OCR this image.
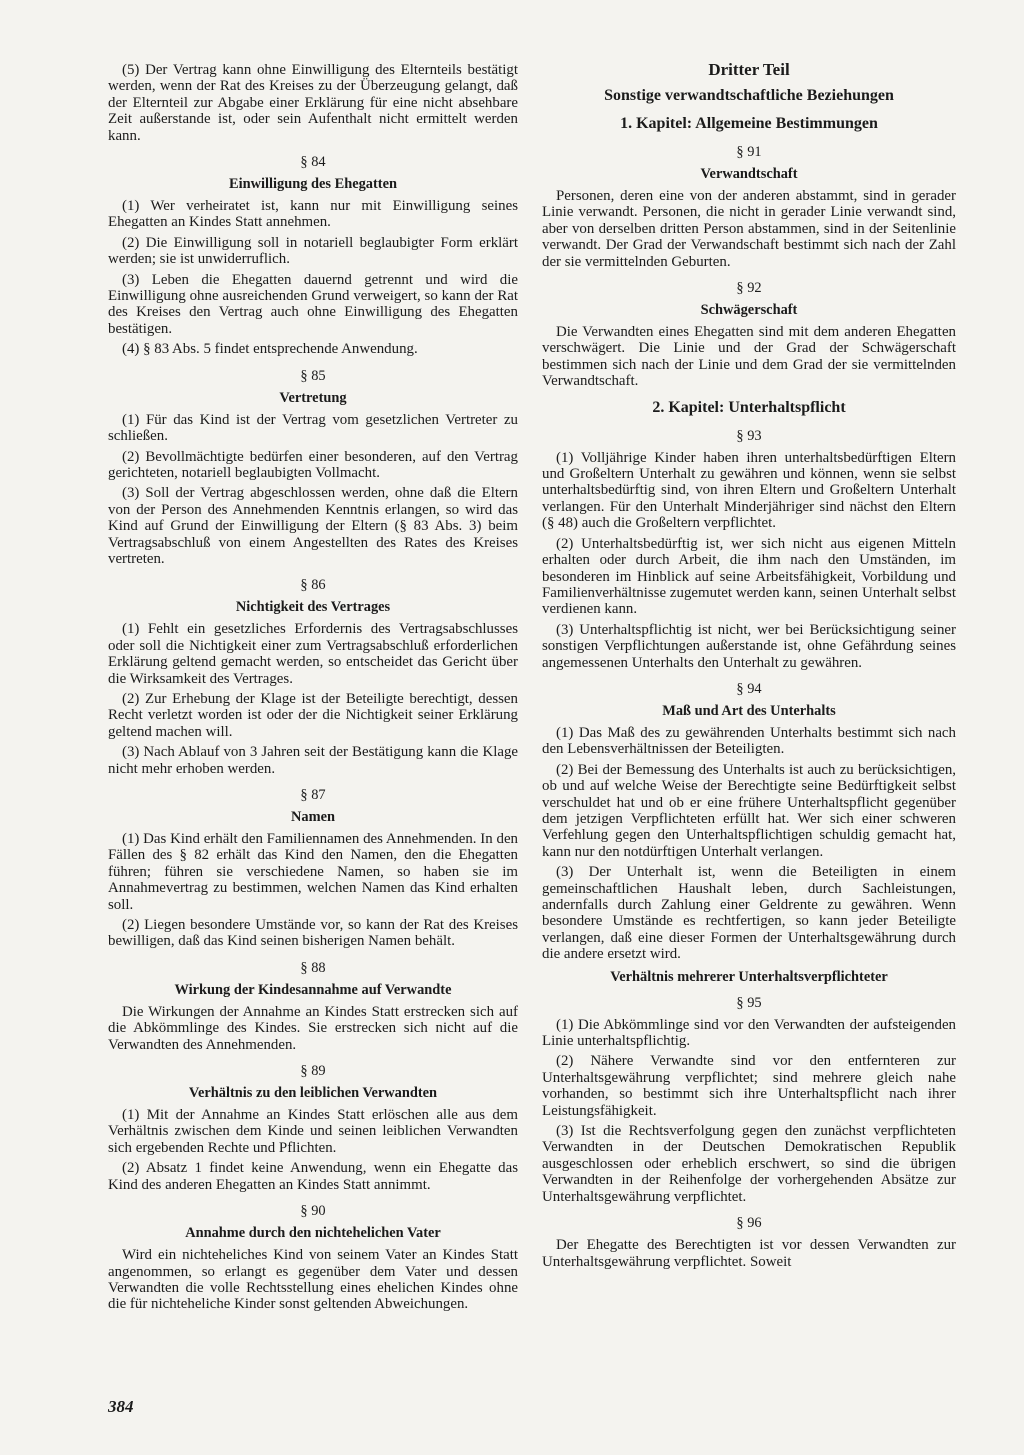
(5) Der Vertrag kann ohne Einwilligung des Elternteils bestätigt werden, wenn der Rat des Kreises zu der Überzeugung gelangt, daß der Elternteil zur Abgabe einer Erklärung für eine nicht absehbare Zeit außerstande ist, oder sein Aufenthalt nicht ermittelt werden kann.

§ 84
Einwilligung des Ehegatten

(1) Wer verheiratet ist, kann nur mit Einwilligung seines Ehegatten an Kindes Statt annehmen.

(2) Die Einwilligung soll in notariell beglaubigter Form erklärt werden; sie ist unwiderruflich.

(3) Leben die Ehegatten dauernd getrennt und wird die Einwilligung ohne ausreichenden Grund verweigert, so kann der Rat des Kreises den Vertrag auch ohne Einwilligung des Ehegatten bestätigen.

(4) § 83 Abs. 5 findet entsprechende Anwendung.

§ 85
Vertretung

(1) Für das Kind ist der Vertrag vom gesetzlichen Vertreter zu schließen.

(2) Bevollmächtigte bedürfen einer besonderen, auf den Vertrag gerichteten, notariell beglaubigten Vollmacht.

(3) Soll der Vertrag abgeschlossen werden, ohne daß die Eltern von der Person des Annehmenden Kenntnis erlangen, so wird das Kind auf Grund der Einwilligung der Eltern (§ 83 Abs. 3) beim Vertragsabschluß von einem Angestellten des Rates des Kreises vertreten.

§ 86
Nichtigkeit des Vertrages

(1) Fehlt ein gesetzliches Erfordernis des Vertragsabschlusses oder soll die Nichtigkeit einer zum Vertragsabschluß erforderlichen Erklärung geltend gemacht werden, so entscheidet das Gericht über die Wirksamkeit des Vertrages.

(2) Zur Erhebung der Klage ist der Beteiligte berechtigt, dessen Recht verletzt worden ist oder der die Nichtigkeit seiner Erklärung geltend machen will.

(3) Nach Ablauf von 3 Jahren seit der Bestätigung kann die Klage nicht mehr erhoben werden.

§ 87
Namen

(1) Das Kind erhält den Familiennamen des Annehmenden. In den Fällen des § 82 erhält das Kind den Namen, den die Ehegatten führen; führen sie verschiedene Namen, so haben sie im Annahmevertrag zu bestimmen, welchen Namen das Kind erhalten soll.

(2) Liegen besondere Umstände vor, so kann der Rat des Kreises bewilligen, daß das Kind seinen bisherigen Namen behält.

§ 88
Wirkung der Kindesannahme auf Verwandte

Die Wirkungen der Annahme an Kindes Statt erstrecken sich auf die Abkömmlinge des Kindes. Sie erstrecken sich nicht auf die Verwandten des Annehmenden.

§ 89
Verhältnis zu den leiblichen Verwandten

(1) Mit der Annahme an Kindes Statt erlöschen alle aus dem Verhältnis zwischen dem Kinde und seinen leiblichen Verwandten sich ergebenden Rechte und Pflichten.

(2) Absatz 1 findet keine Anwendung, wenn ein Ehegatte das Kind des anderen Ehegatten an Kindes Statt annimmt.

§ 90
Annahme durch den nichtehelichen Vater

Wird ein nichteheliches Kind von seinem Vater an Kindes Statt angenommen, so erlangt es gegenüber dem Vater und dessen Verwandten die volle Rechtsstellung eines ehelichen Kindes ohne die für nichteheliche Kinder sonst geltenden Abweichungen.

Dritter Teil
Sonstige verwandtschaftliche Beziehungen
1. Kapitel: Allgemeine Bestimmungen
§ 91
Verwandtschaft

Personen, deren eine von der anderen abstammt, sind in gerader Linie verwandt. Personen, die nicht in gerader Linie verwandt sind, aber von derselben dritten Person abstammen, sind in der Seitenlinie verwandt. Der Grad der Verwandschaft bestimmt sich nach der Zahl der sie vermittelnden Geburten.

§ 92
Schwägerschaft

Die Verwandten eines Ehegatten sind mit dem anderen Ehegatten verschwägert. Die Linie und der Grad der Schwägerschaft bestimmen sich nach der Linie und dem Grad der sie vermittelnden Verwandtschaft.

2. Kapitel: Unterhaltspflicht
§ 93

(1) Volljährige Kinder haben ihren unterhaltsbedürftigen Eltern und Großeltern Unterhalt zu gewähren und können, wenn sie selbst unterhaltsbedürftig sind, von ihren Eltern und Großeltern Unterhalt verlangen. Für den Unterhalt Minderjähriger sind nächst den Eltern (§ 48) auch die Großeltern verpflichtet.

(2) Unterhaltsbedürftig ist, wer sich nicht aus eigenen Mitteln erhalten oder durch Arbeit, die ihm nach den Umständen, im besonderen im Hinblick auf seine Arbeitsfähigkeit, Vorbildung und Familienverhältnisse zugemutet werden kann, seinen Unterhalt selbst verdienen kann.

(3) Unterhaltspflichtig ist nicht, wer bei Berücksichtigung seiner sonstigen Verpflichtungen außerstande ist, ohne Gefährdung seines angemessenen Unterhalts den Unterhalt zu gewähren.

§ 94
Maß und Art des Unterhalts

(1) Das Maß des zu gewährenden Unterhalts bestimmt sich nach den Lebensverhältnissen der Beteiligten.

(2) Bei der Bemessung des Unterhalts ist auch zu berücksichtigen, ob und auf welche Weise der Berechtigte seine Bedürftigkeit selbst verschuldet hat und ob er eine frühere Unterhaltspflicht gegenüber dem jetzigen Verpflichteten erfüllt hat. Wer sich einer schweren Verfehlung gegen den Unterhaltspflichtigen schuldig gemacht hat, kann nur den notdürftigen Unterhalt verlangen.

(3) Der Unterhalt ist, wenn die Beteiligten in einem gemeinschaftlichen Haushalt leben, durch Sachleistungen, andernfalls durch Zahlung einer Geldrente zu gewähren. Wenn besondere Umstände es rechtfertigen, so kann jeder Beteiligte verlangen, daß eine dieser Formen der Unterhaltsgewährung durch die andere ersetzt wird.

Verhältnis mehrerer Unterhaltsverpflichteter
§ 95

(1) Die Abkömmlinge sind vor den Verwandten der aufsteigenden Linie unterhaltspflichtig.

(2) Nähere Verwandte sind vor den entfernteren zur Unterhaltsgewährung verpflichtet; sind mehrere gleich nahe vorhanden, so bestimmt sich ihre Unterhaltspflicht nach ihrer Leistungsfähigkeit.

(3) Ist die Rechtsverfolgung gegen den zunächst verpflichteten Verwandten in der Deutschen Demokratischen Republik ausgeschlossen oder erheblich erschwert, so sind die übrigen Verwandten in der Reihenfolge der vorhergehenden Absätze zur Unterhaltsgewährung verpflichtet.

§ 96

Der Ehegatte des Berechtigten ist vor dessen Verwandten zur Unterhaltsgewährung verpflichtet. Soweit

384
